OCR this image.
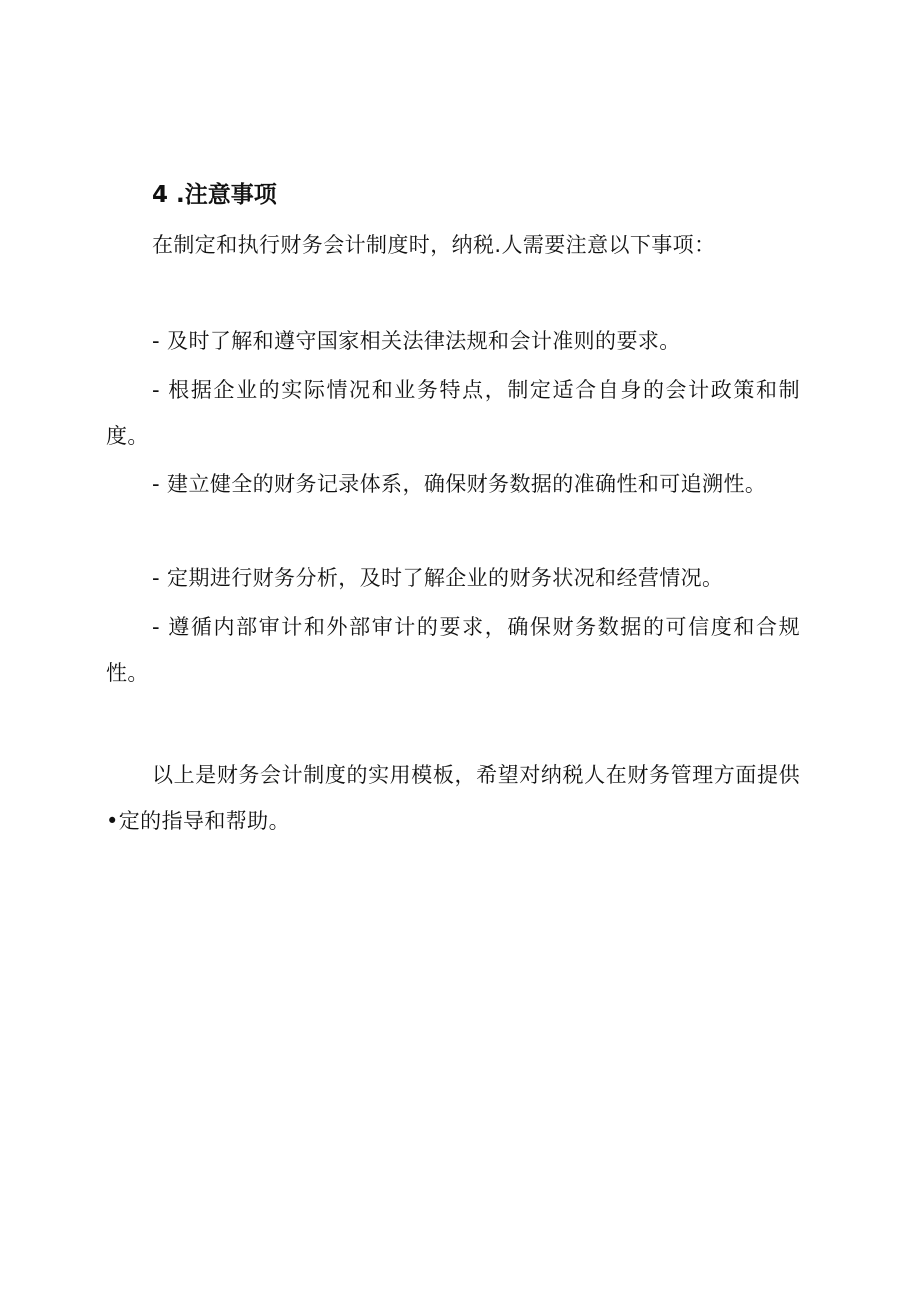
4 .注意事项
在制定和执行财务会计制度时，纳税.人需要注意以下事项：
- 及时了解和遵守国家相关法律法规和会计准则的要求。
- 根据企业的实际情况和业务特点，制定适合自身的会计政策和制度。
- 建立健全的财务记录体系，确保财务数据的准确性和可追溯性。
- 定期进行财务分析，及时了解企业的财务状况和经营情况。
- 遵循内部审计和外部审计的要求，确保财务数据的可信度和合规性。
以上是财务会计制度的实用模板，希望对纳税人在财务管理方面提供•定的指导和帮助。
